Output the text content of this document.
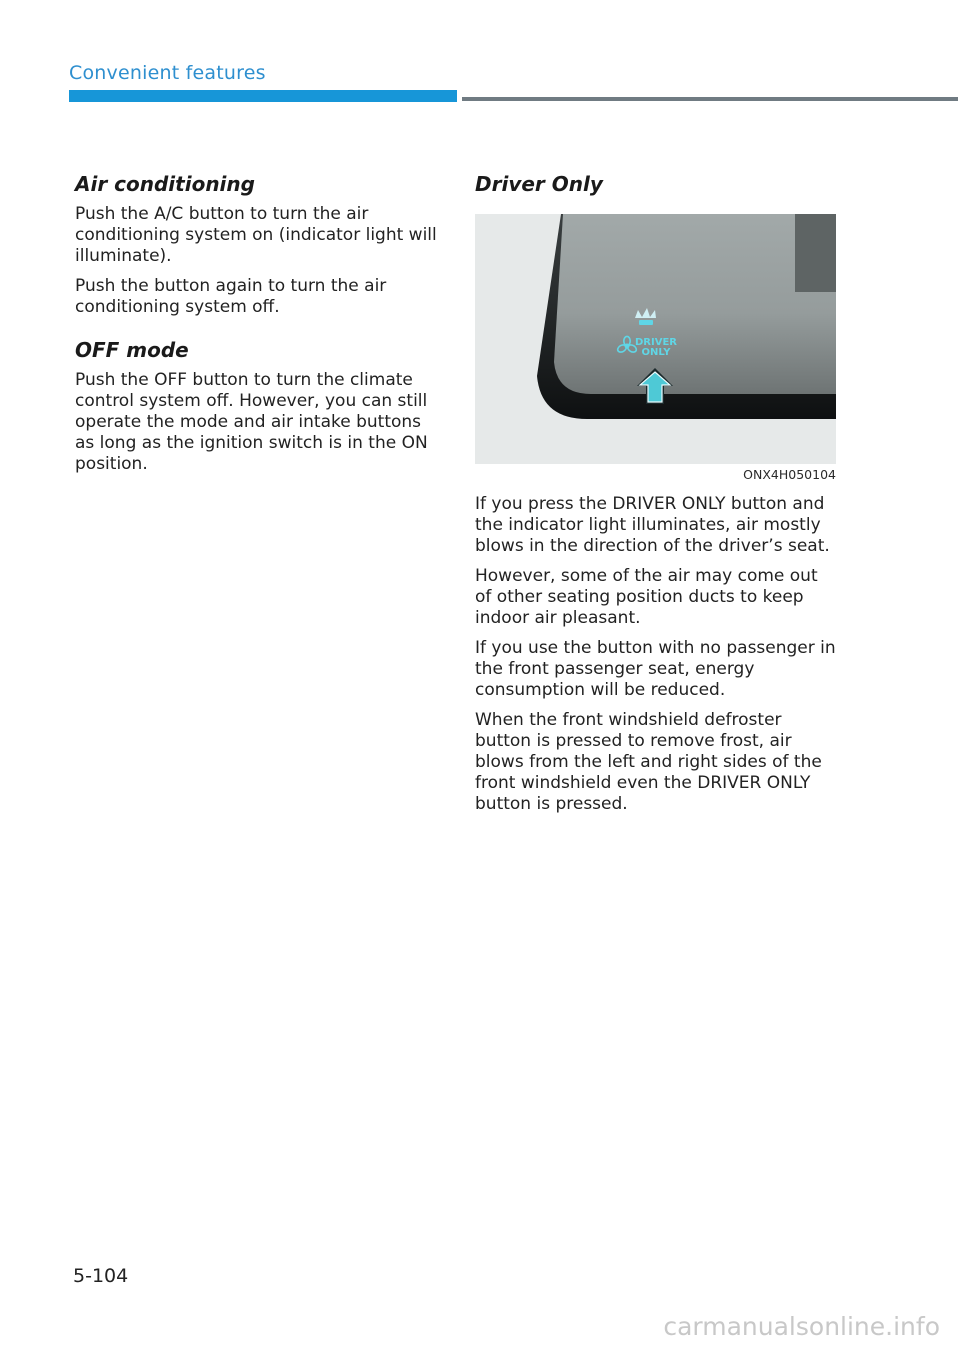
Convenient features
Air conditioning

Push the A/C button to turn the air conditioning system on (indicator light will illuminate).

Push the button again to turn the air conditioning system off.

OFF mode

Push the OFF button to turn the climate control system off. However, you can still operate the mode and air intake buttons as long as the ignition switch is in the ON position.

Driver Only
DRIVER
ONLY
ONX4H050104

If you press the DRIVER ONLY button and the indicator light illuminates, air mostly blows in the direction of the driver’s seat.

However, some of the air may come out of other seating position ducts to keep indoor air pleasant.

If you use the button with no passenger in the front passenger seat, energy consumption will be reduced.

When the front windshield defroster button is pressed to remove frost, air blows from the left and right sides of the front windshield even the DRIVER ONLY button is pressed.

5-104
carmanualsonline.info
